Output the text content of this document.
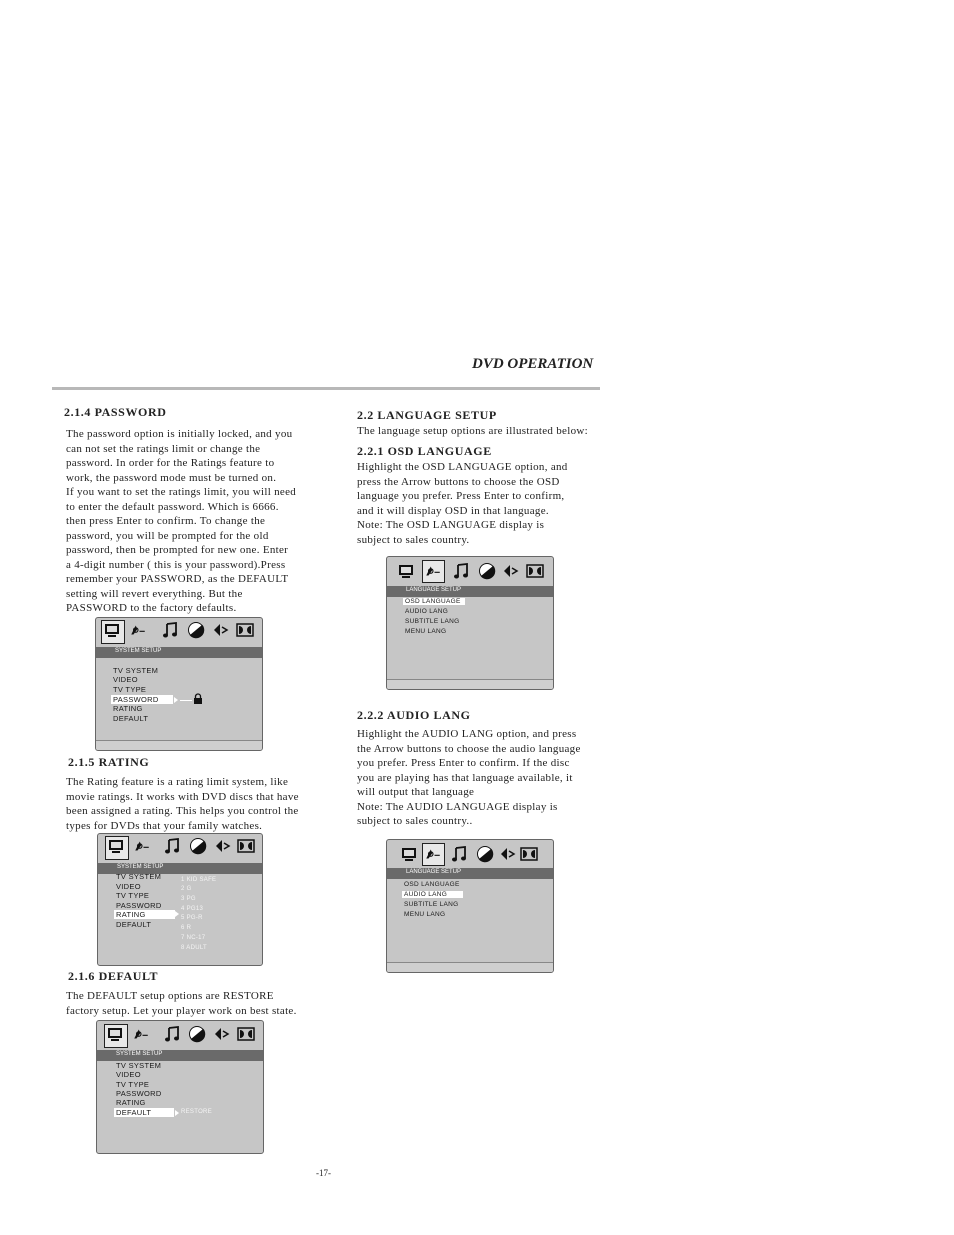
DVD OPERATION
2.1.4 PASSWORD
The password option is initially locked, and you
can not set the ratings limit or change the
password. In order for the Ratings feature to
work, the password mode must be turned on.
If you want to set the ratings limit, you will need
to enter the default password. Which is 6666.
then press Enter to confirm. To change the
password, you will be prompted for the old
password, then be prompted for new one. Enter
a 4-digit number ( this is your password).Press
remember your PASSWORD, as the DEFAULT
setting will revert everything. But the
PASSWORD to the factory defaults.
SYSTEM SETUP
TV SYSTEM
VIDEO
TV TYPE
PASSWORD
RATING
DEFAULT
2.1.5 RATING
The Rating feature is a rating limit system, like
movie ratings. It works with DVD discs that have
been assigned a rating. This helps you control the
types for DVDs that your family watches.
SYSTEM SETUP
TV SYSTEM
VIDEO
TV TYPE
PASSWORD
RATING
DEFAULT
1 KID SAFE
2 G
3 PG
4 PG13
5 PG-R
6 R
7 NC-17
8 ADULT
2.1.6 DEFAULT
The DEFAULT setup options are RESTORE
factory setup. Let your player work on best state.
SYSTEM SETUP
TV SYSTEM
VIDEO
TV TYPE
PASSWORD
RATING
DEFAULT	RESTORE
-17-
2.2 LANGUAGE SETUP
The language setup options are illustrated below:
2.2.1 OSD LANGUAGE
Highlight the OSD LANGUAGE option, and
press the Arrow buttons to choose the OSD
language you prefer. Press Enter to confirm,
and it will display OSD in that language.
Note: The OSD LANGUAGE display is
subject to sales country.
LANGUAGE SETUP
OSD LANGUAGE
AUDIO LANG
SUBTITLE LANG
MENU LANG
2.2.2 AUDIO LANG
Highlight the AUDIO LANG option, and press
the Arrow buttons to choose the audio language
you prefer. Press Enter to confirm. If the disc
you are playing has that language available, it
will output that language
Note: The AUDIO LANGUAGE display is
subject to sales country..
LANGUAGE SETUP
OSD LANGUAGE
AUDIO LANG
SUBTITLE LANG
MENU LANG
